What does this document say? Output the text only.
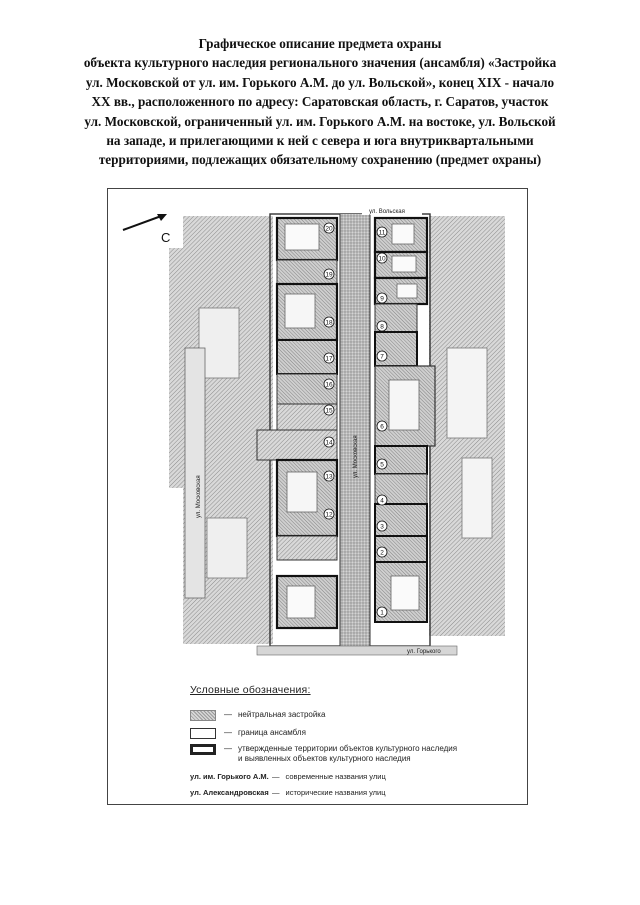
Графическое описание предмета охраны
объекта культурного наследия регионального значения (ансамбля) «Застройка
ул. Московской от ул. им. Горького А.М. до ул. Вольской», конец XIX - начало
XX вв., расположенного по адресу: Саратовская область, г. Саратов, участок
ул. Московской, ограниченный ул. им. Горького А.М. на востоке, ул. Вольской
на западе, и прилегающими к ней с севера и юга внутриквартальными
территориями, подлежащих обязательному сохранению (предмет охраны)
С
ул. Московская
ул. Московская
11
10
9
8
7
6
5
4
3
2
1
20
19
18
17
16
15
14
13
12
ул. Вольская
ул. Горького
Условные обозначения:
— нейтральная застройка
— граница ансамбля
— утвержденные территории объектов культурного наследия и выявленных объектов культурного наследия
ул. им. Горького А.М. — современные названия улиц
ул. Александровская — исторические названия улиц
